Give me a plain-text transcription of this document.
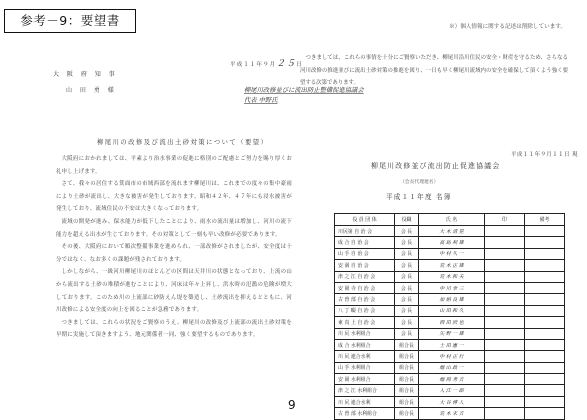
参考－9：要望書	※）個人情報に関する記述は削除しています。
平成１１年９月２５日
大 阪 府 知 事
山 田 勇 様	柳尾川改修並びに流出防止整備促進協議会
代表 中野氏
柳尾川の改修及び流出土砂対策について（要望）

大阪府におかれましては、平素より治水事業の促進に格別のご配慮とご努力を賜り厚くお礼申し上げます。

さて、我々の居住する箕面市の市域西部を流れます柳尾川は、これまでの度々の集中豪雨により土砂が流出し、大きな被害が発生しております。昭和４２年、４７年にも浸水被害が発生しており、流域住民の不安は大きくなっております。

流域の開発が進み、保水能力が低下したことにより、雨水の流出量は増加し、河川の流下能力を超える出水が生じております。その対策として一刻も早い改修が必要であります。

その後、大阪府において順次整備事業を進められ、一部改修がされましたが、安全度は十分ではなく、なお多くの課題が残されております。

しかしながら、一級河川柳尾川のほとんどの区間は天井川の状態となっており、上流の山から流出する土砂の堆積が進むことにより、河床は年々上昇し、洪水時の氾濫の危険が増大しております。このため川の上流部に砂防えん堤を築造し、土砂流出を抑えるとともに、河川改修による安全度の向上を図ることが急務であります。

つきましては、これらの状況をご賢察のうえ、柳尾川の改修及び上流部の流出土砂対策を早期に実施して頂きますよう、地元関係者一同、強く要望するものであります。

つきましては、これらの事情を十分にご賢察いただき、柳尾川沿川住民の安全・財産を守るため、さらなる河川改修の推進並びに流出土砂対策の推進を図り、一日も早く柳尾川流域内の安全を確保して頂くよう強く要望する次第であります。

平成１１年９月１１日 現
柳尾川改修並び流出防止促進協議会
（会長代理連名）
平成１１年度 名簿
役 員 団 体	役職	氏 名	印	備考
川尻第 自 治 会	会 長	大 木 清 晃		
成 合 自 治 会	会 長	高 島 利 雄		
山 手 自 治 会	会 長	中 村 久 一		
安 満 自 治 会	会 長	荒 木 正 雄		
津 之 江 自 治 会	会 長	荒 木 和 夫		
安 岡 寺 自 治 会	会 長	中 川 幸 三		
古 曽 部 自 治 会	会 長	加 納 良 雄		
八 丁 畷 自 治 会	会 長	山 田 和 久		
東 真 上 自 治 会	会 長	西 田 欣 也		
川 尻 水利組合	会 長	矢 野 一 雄		
成 合 水利組合	組合長	土 田 憲 一		
川 尻 連合水利	組合長	中 村 正 行		
山 手 水利組合	組合長	堀 山 政 一		
安 岡 水利組合	組合長	堀 岡 秀 吉		
津 之 江 水利組合	組合長	入 江 一 郎		
川 尻 連合水利	組合長	大 谷 博 人		
古 曽 部 水利組合	組合長	荒 木 末 吉		
9
